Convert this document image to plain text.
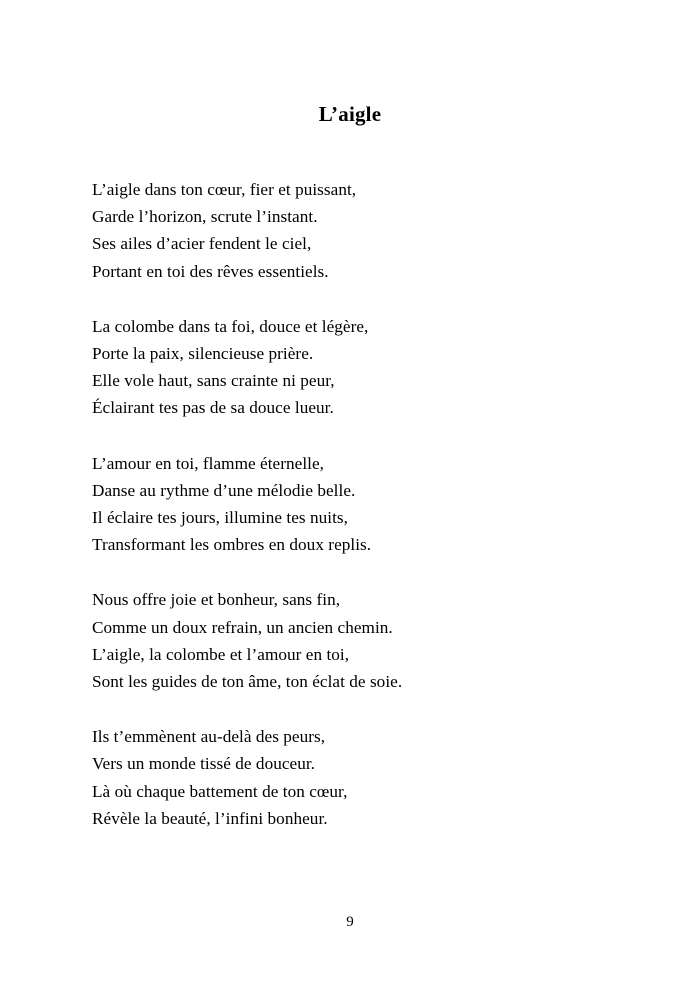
L’aigle
L’aigle dans ton cœur, fier et puissant,
Garde l’horizon, scrute l’instant.
Ses ailes d’acier fendent le ciel,
Portant en toi des rêves essentiels.
La colombe dans ta foi, douce et légère,
Porte la paix, silencieuse prière.
Elle vole haut, sans crainte ni peur,
Éclairant tes pas de sa douce lueur.
L’amour en toi, flamme éternelle,
Danse au rythme d’une mélodie belle.
Il éclaire tes jours, illumine tes nuits,
Transformant les ombres en doux replis.
Nous offre joie et bonheur, sans fin,
Comme un doux refrain, un ancien chemin.
L’aigle, la colombe et l’amour en toi,
Sont les guides de ton âme, ton éclat de soie.
Ils t’emmènent au-delà des peurs,
Vers un monde tissé de douceur.
Là où chaque battement de ton cœur,
Révèle la beauté, l’infini bonheur.
9
